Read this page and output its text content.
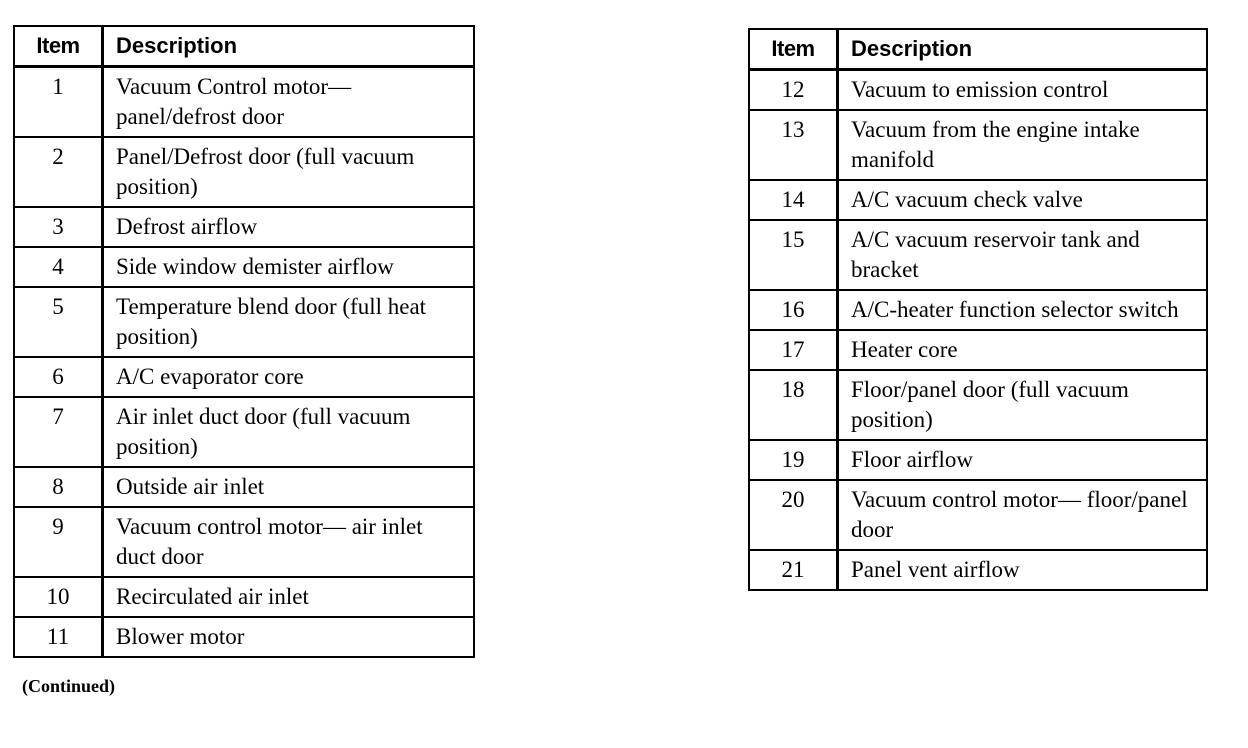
Item	Description
1	Vacuum Control motor— panel/defrost door
2	Panel/Defrost door (full vacuum position)
3	Defrost airflow
4	Side window demister airflow
5	Temperature blend door (full heat position)
6	A/C evaporator core
7	Air inlet duct door (full vacuum position)
8	Outside air inlet
9	Vacuum control motor— air inlet duct door
10	Recirculated air inlet
11	Blower motor
Item	Description
12	Vacuum to emission control
13	Vacuum from the engine intake manifold
14	A/C vacuum check valve
15	A/C vacuum reservoir tank and bracket
16	A/C-heater function selector switch
17	Heater core
18	Floor/panel door (full vacuum position)
19	Floor airflow
20	Vacuum control motor— floor/panel door
21	Panel vent airflow
(Continued)
